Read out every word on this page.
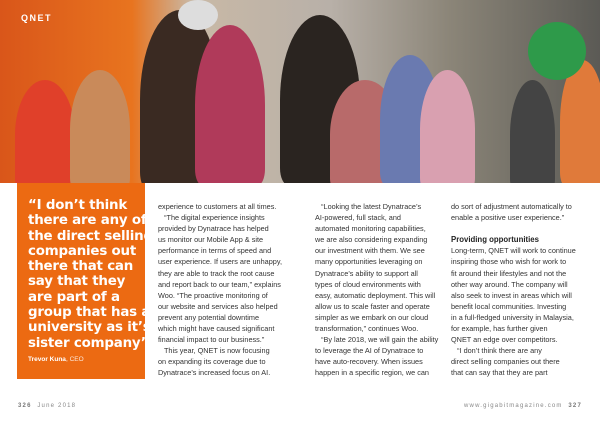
QNET
“I don’t think
there are any of
the direct selling
companies out
there that can
say that they
are part of a
group that has a
university as it’s
sister company”
Trevor Kuna, CEO
experience to customers at all times.
“The digital experience insights
provided by Dynatrace has helped
us monitor our Mobile App & site
performance in terms of speed and
user experience. If users are unhappy,
they are able to track the root cause
and report back to our team,” explains
Woo. “The proactive monitoring of
our website and services also helped
prevent any potential downtime
which might have caused significant
financial impact to our business.”
This year, QNET is now focusing
on expanding its coverage due to
Dynatrace’s increased focus on AI.
“Looking the latest Dynatrace’s
AI-powered, full stack, and
automated monitoring capabilities,
we are also considering expanding
our investment with them. We see
many opportunities leveraging on
Dynatrace’s ability to support all
types of cloud environments with
easy, automatic deployment. This will
allow us to scale faster and operate
simpler as we embark on our cloud
transformation,” continues Woo.
“By late 2018, we will gain the ability
to leverage the AI of Dynatrace to
have auto-recovery. When issues
happen in a specific region, we can
do sort of adjustment automatically to
enable a positive user experience.”

Providing opportunities
Long-term, QNET will work to continue
inspiring those who wish for work to
fit around their lifestyles and not the
other way around. The company will
also seek to invest in areas which will
benefit local communities. Investing
in a full-fledged university in Malaysia,
for example, has further given
QNET an edge over competitors.
“I don’t think there are any
direct selling companies out there
that can say that they are part
326 June 2018	www.gigabitmagazine.com 327
